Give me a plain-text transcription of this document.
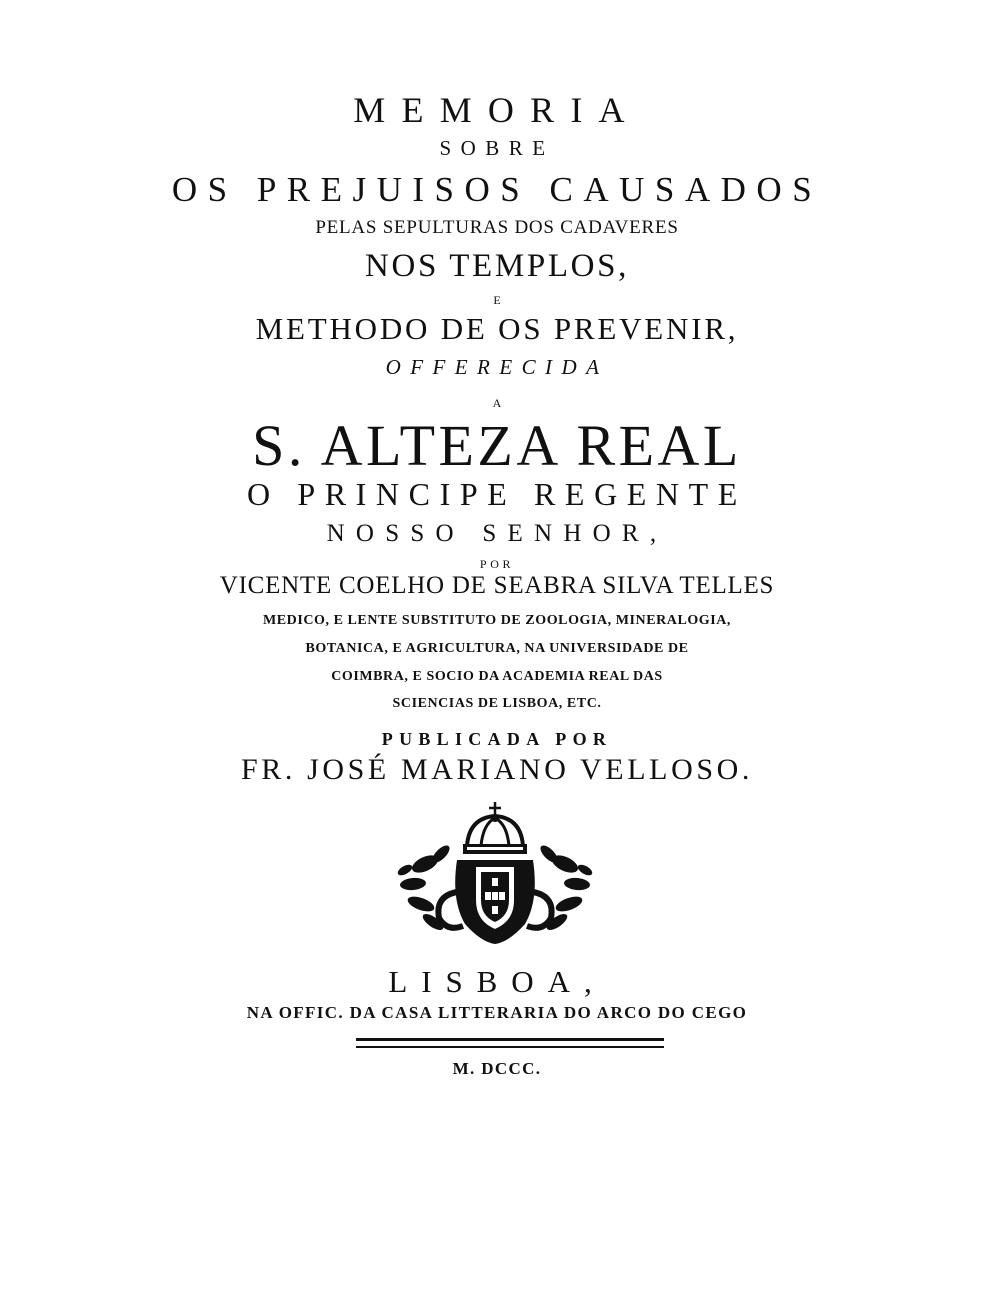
MEMORIA
SOBRE
OS PREJUISOS CAUSADOS
PELAS SEPULTURAS DOS CADAVERES
NOS TEMPLOS,
E
METHODO DE OS PREVENIR,
OFFERECIDA
A
S. ALTEZA REAL
O PRINCIPE REGENTE
NOSSO SENHOR,
POR
VICENTE COELHO DE SEABRA SILVA TELLES
MEDICO, E LENTE SUBSTITUTO DE ZOOLOGIA, MINERALOGIA,
BOTANICA, E AGRICULTURA, NA UNIVERSIDADE DE
COIMBRA, E SOCIO DA ACADEMIA REAL DAS
SCIENCIAS DE LISBOA, ETC.
PUBLICADA POR
FR. JOSÉ MARIANO VELLOSO.
LISBOA,
NA OFFIC. DA CASA LITTERARIA DO ARCO DO CEGO
M. DCCC.
